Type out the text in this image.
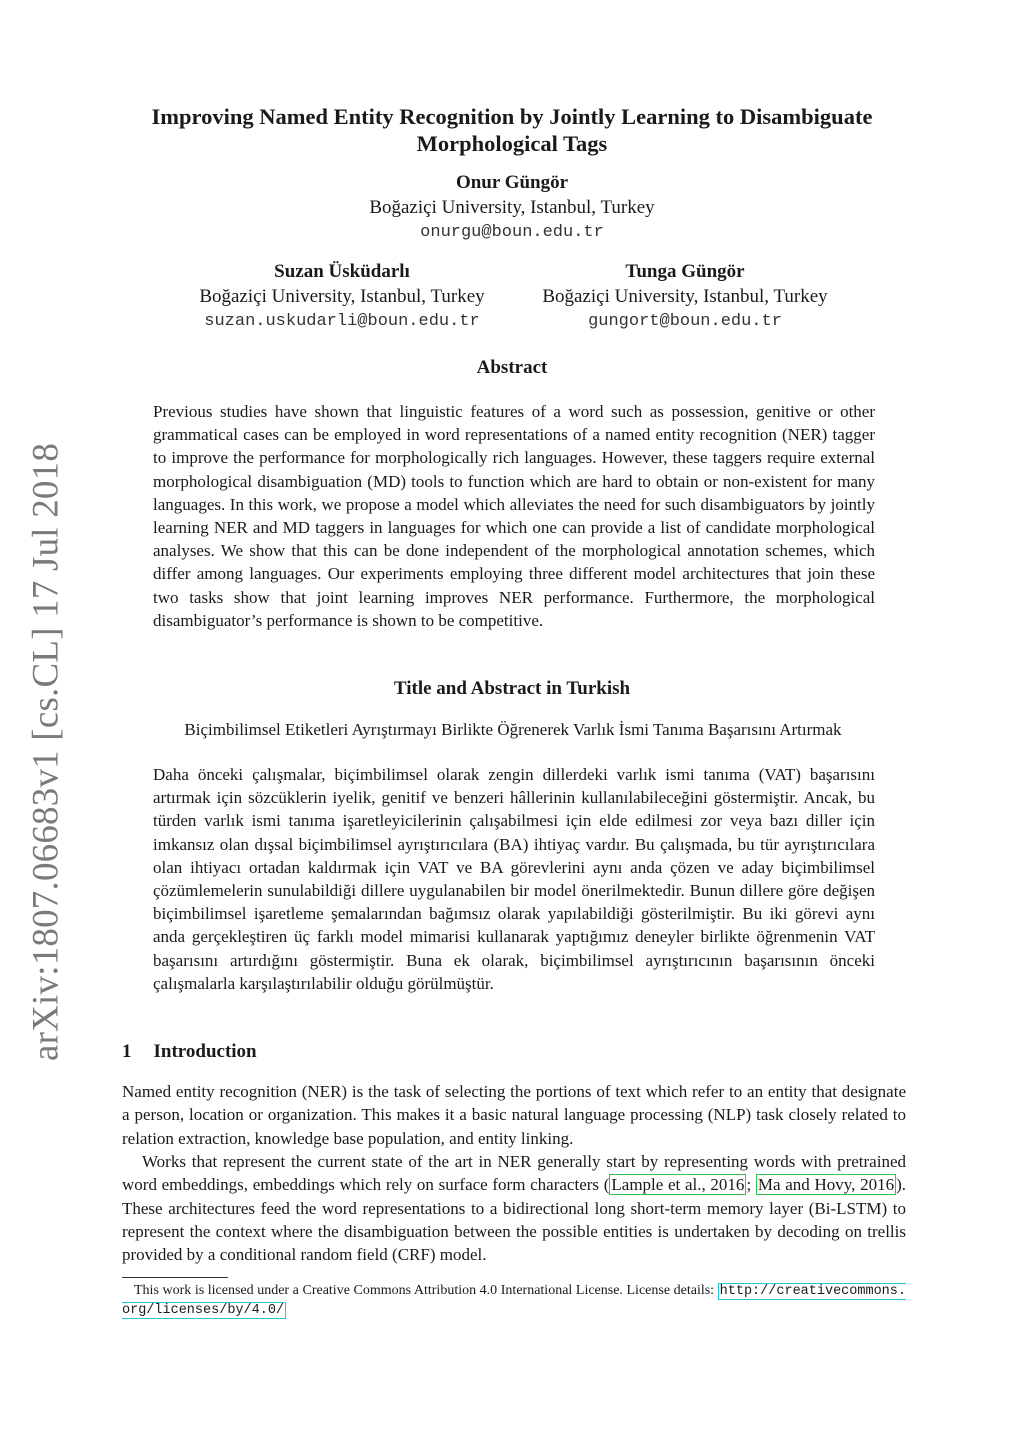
arXiv:1807.06683v1 [cs.CL] 17 Jul 2018
Improving Named Entity Recognition by Jointly Learning to Disambiguate Morphological Tags
Onur Güngör
Boğaziçi University, Istanbul, Turkey
onurgu@boun.edu.tr
Suzan Üsküdarlı
Boğaziçi University, Istanbul, Turkey
suzan.uskudarli@boun.edu.tr
Tunga Güngör
Boğaziçi University, Istanbul, Turkey
gungort@boun.edu.tr
Abstract
Previous studies have shown that linguistic features of a word such as possession, genitive or other grammatical cases can be employed in word representations of a named entity recognition (NER) tagger to improve the performance for morphologically rich languages. However, these taggers require external morphological disambiguation (MD) tools to function which are hard to obtain or non-existent for many languages. In this work, we propose a model which alleviates the need for such disambiguators by jointly learning NER and MD taggers in languages for which one can provide a list of candidate morphological analyses. We show that this can be done independent of the morphological annotation schemes, which differ among languages. Our experiments employing three different model architectures that join these two tasks show that joint learning improves NER performance. Furthermore, the morphological disambiguator’s performance is shown to be competitive.
Title and Abstract in Turkish
Biçimbilimsel Etiketleri Ayrıştırmayı Birlikte Öğrenerek Varlık İsmi Tanıma Başarısını Artırmak
Daha önceki çalışmalar, biçimbilimsel olarak zengin dillerdeki varlık ismi tanıma (VAT) başarısını artırmak için sözcüklerin iyelik, genitif ve benzeri hâllerinin kullanılabileceğini göstermiştir. Ancak, bu türden varlık ismi tanıma işaretleyicilerinin çalışabilmesi için elde edilmesi zor veya bazı diller için imkansız olan dışsal biçimbilimsel ayrıştırıcılara (BA) ihtiyaç vardır. Bu çalışmada, bu tür ayrıştırıcılara olan ihtiyacı ortadan kaldırmak için VAT ve BA görevlerini aynı anda çözen ve aday biçimbilimsel çözümlemelerin sunulabildiği dillere uygulanabilen bir model önerilmektedir. Bunun dillere göre değişen biçimbilimsel işaretleme şemalarından bağımsız olarak yapılabildiği gösterilmiştir. Bu iki görevi aynı anda gerçekleştiren üç farklı model mimarisi kullanarak yaptığımız deneyler birlikte öğrenmenin VAT başarısını artırdığını göstermiştir. Buna ek olarak, biçimbilimsel ayrıştırıcının başarısının önceki çalışmalarla karşılaştırılabilir olduğu görülmüştür.
1 Introduction
Named entity recognition (NER) is the task of selecting the portions of text which refer to an entity that designate a person, location or organization. This makes it a basic natural language processing (NLP) task closely related to relation extraction, knowledge base population, and entity linking.
Works that represent the current state of the art in NER generally start by representing words with pretrained word embeddings, embeddings which rely on surface form characters ( Lample et al., 2016 ; Ma and Hovy, 2016 ). These architectures feed the word representations to a bidirectional long short-term memory layer (Bi-LSTM) to represent the context where the disambiguation between the possible entities is undertaken by decoding on trellis provided by a conditional random field (CRF) model.
This work is licensed under a Creative Commons Attribution 4.0 International License. License details: http://creativecommons.org/licenses/by/4.0/
